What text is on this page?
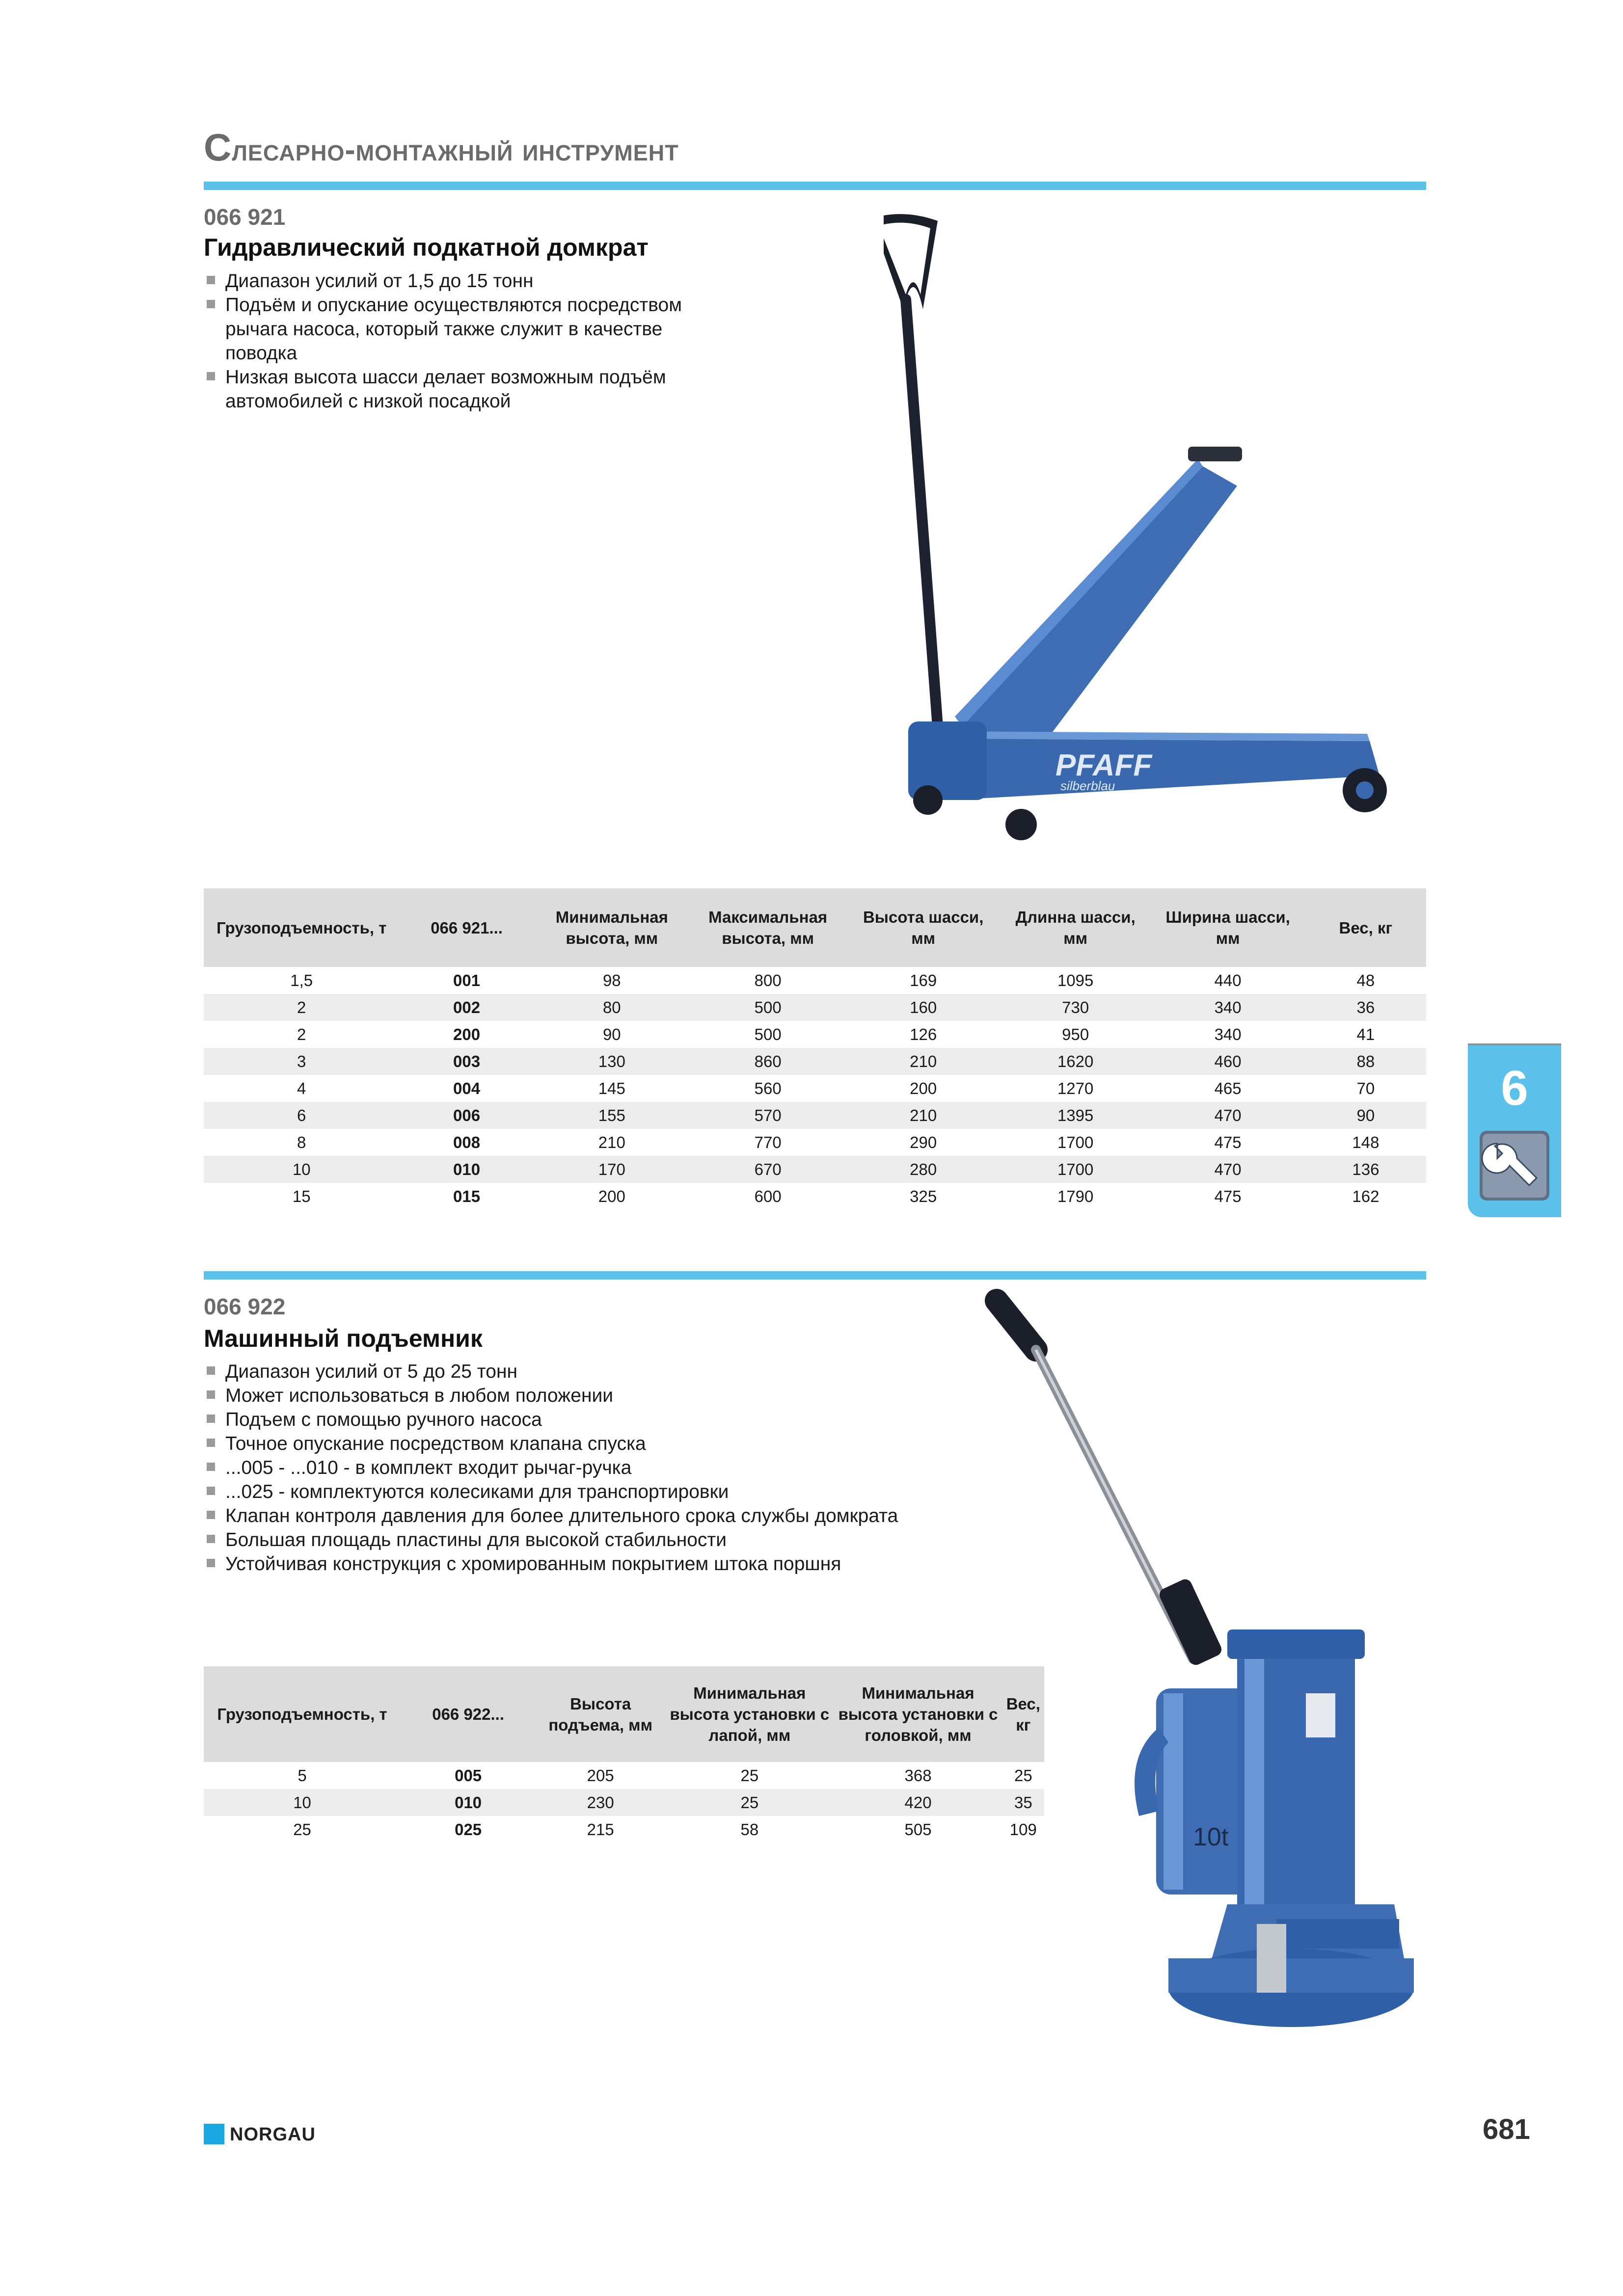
Слесарно-монтажный инструмент
066 921
Гидравлический подкатной домкрат
Диапазон усилий от 1,5 до 15 тонн
Подъём и опускание осуществляются посредством рычага насоса, который также служит в качестве поводка
Низкая высота шасси делает возможным подъём автомобилей с низкой посадкой
PFAFF
silberblau
Грузоподъемность, т	066 921...	Минимальная высота, мм	Максимальная высота, мм	Высота шасси, мм	Длинна шасси, мм	Ширина шасси, мм	Вес, кг
1,5	001	98	800	169	1095	440	48
2	002	80	500	160	730	340	36
2	200	90	500	126	950	340	41
3	003	130	860	210	1620	460	88
4	004	145	560	200	1270	465	70
6	006	155	570	210	1395	470	90
8	008	210	770	290	1700	475	148
10	010	170	670	280	1700	470	136
15	015	200	600	325	1790	475	162
6
066 922
Машинный подъемник
Диапазон усилий от 5 до 25 тонн
Может использоваться в любом положении
Подъем с помощью ручного насоса
Точное опускание посредством клапана спуска
...005 - ...010 - в комплект входит рычаг-ручка
...025 - комплектуются колесиками для транспортировки
Клапан контроля давления для более длительного срока службы домкрата
Большая площадь пластины для высокой стабильности
Устойчивая конструкция с хромированным покрытием штока поршня
10t
Грузоподъемность, т	066 922...	Высота подъема, мм	Минимальная высота установки с лапой, мм	Минимальная высота установки с головкой, мм	Вес, кг
5	005	205	25	368	25
10	010	230	25	420	35
25	025	215	58	505	109
NORGAU	681
